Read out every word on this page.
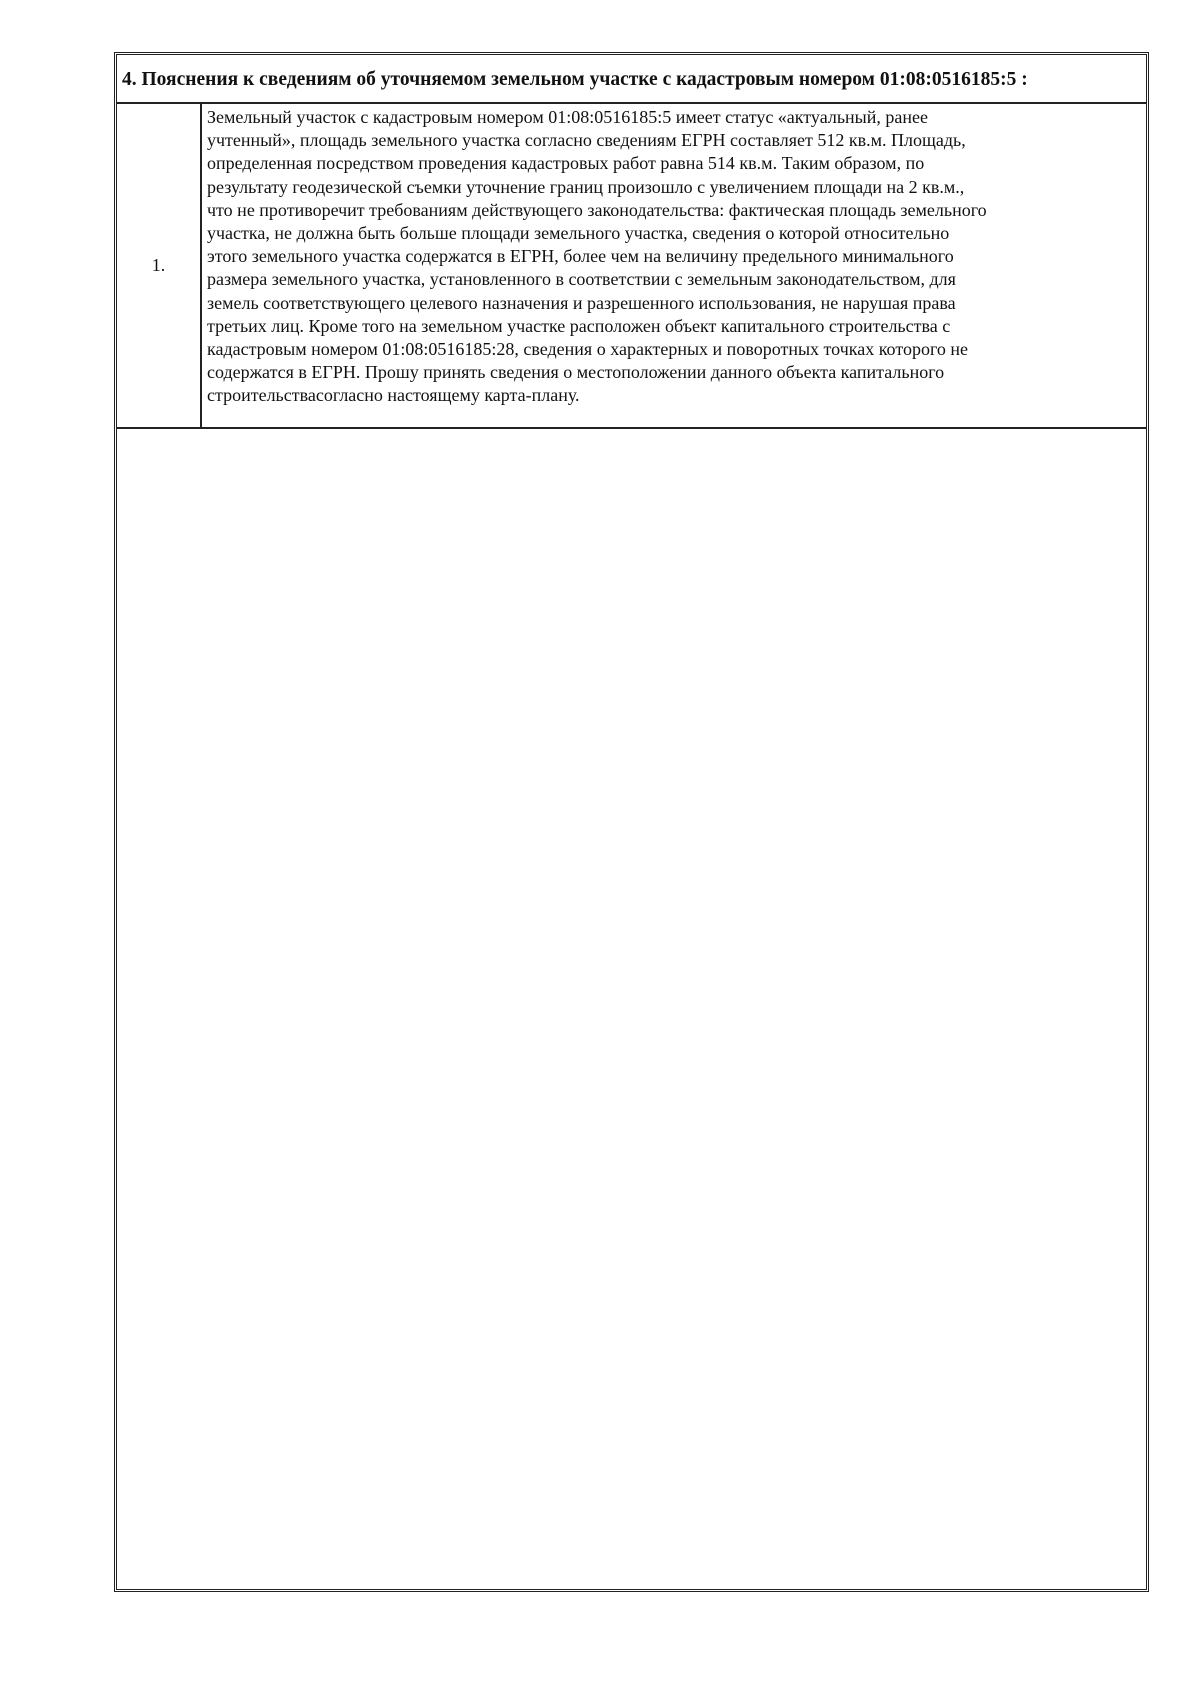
4. Пояснения к сведениям об уточняемом земельном участке с кадастровым номером 01:08:0516185:5 :
1.
Земельный участок с кадастровым номером 01:08:0516185:5 имеет статус «актуальный, ранее
учтенный», площадь земельного участка согласно сведениям ЕГРН составляет 512 кв.м. Площадь,
определенная посредством проведения кадастровых работ равна 514 кв.м. Таким образом, по
результату геодезической съемки уточнение границ произошло с увеличением площади на 2 кв.м.,
что не противоречит требованиям действующего законодательства: фактическая площадь земельного
участка, не должна быть больше площади земельного участка, сведения о которой относительно
этого земельного участка содержатся в ЕГРН, более чем на величину предельного минимального
размера земельного участка, установленного в соответствии с земельным законодательством, для
земель соответствующего целевого назначения и разрешенного использования, не нарушая права
третьих лиц. Кроме того на земельном участке расположен объект капитального строительства с
кадастровым номером 01:08:0516185:28, сведения о характерных и поворотных точках которого не
содержатся в ЕГРН. Прошу принять сведения о местоположении данного объекта капитального
строительствасогласно настоящему карта-плану.
